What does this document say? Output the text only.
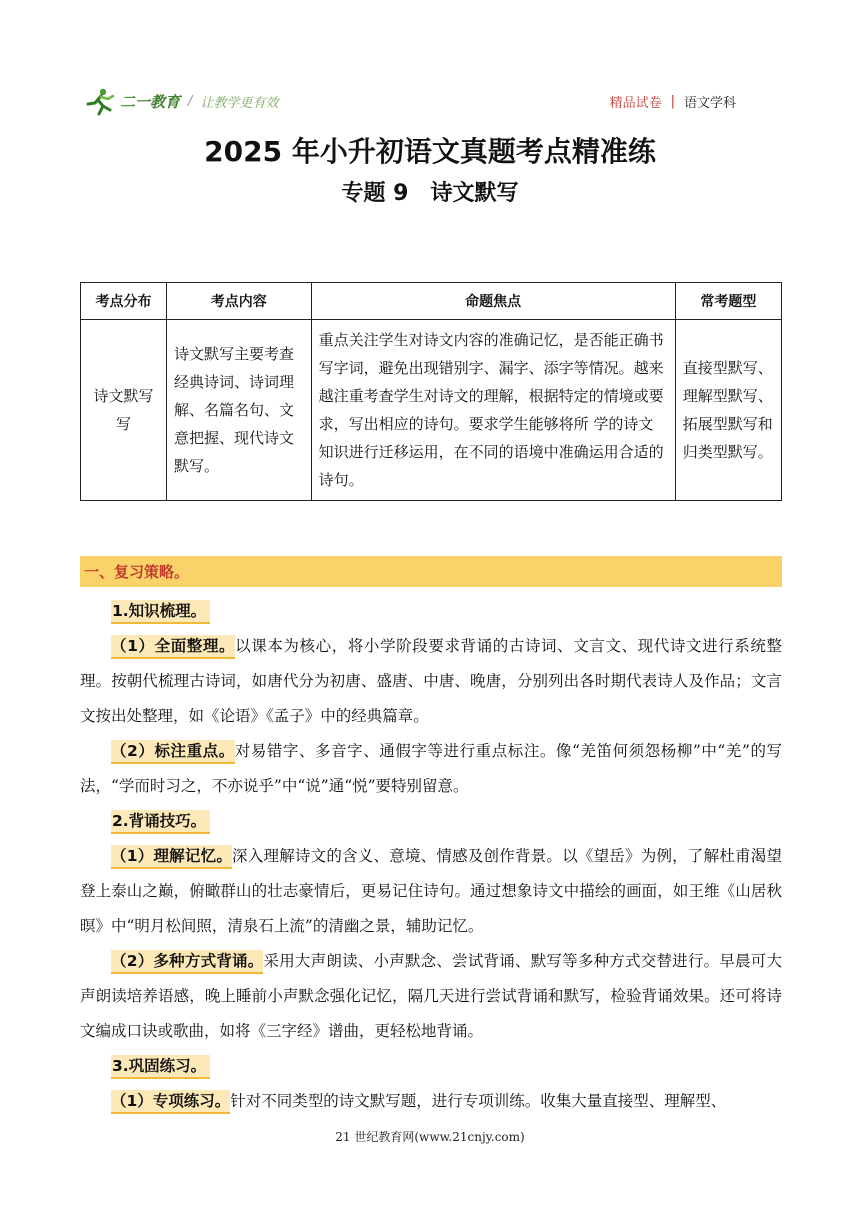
二一教育 / 让教学更有效	精品试卷 | 语文学科
2025 年小升初语文真题考点精准练
专题 9　诗文默写
考点分布	考点内容	命题焦点	常考题型
诗文默写写	诗文默写主要考查经典诗词、诗词理解、名篇名句、文意把握、现代诗文默写。	重点关注学生对诗文内容的准确记忆，是否能正确书写字词，避免出现错别字、漏字、添字等情况。越来越注重考查学生对诗文的理解，根据特定的情境或要求，写出相应的诗句。要求学生能够将所 学的诗文知识进行迁移运用，在不同的语境中准确运用合适的诗句。	直接型默写、理解型默写、拓展型默写和归类型默写。
一、复习策略。

1.知识梳理。

（1）全面整理。以课本为核心，将小学阶段要求背诵的古诗词、文言文、现代诗文进行系统整理。按朝代梳理古诗词，如唐代分为初唐、盛唐、中唐、晚唐，分别列出各时期代表诗人及作品；文言文按出处整理，如《论语》《孟子》中的经典篇章。

（2）标注重点。对易错字、多音字、通假字等进行重点标注。像“羌笛何须怨杨柳”中“羌”的写法，“学而时习之，不亦说乎”中“说”通“悦”要特别留意。

2.背诵技巧。

（1）理解记忆。深入理解诗文的含义、意境、情感及创作背景。以《望岳》为例，了解杜甫渴望登上泰山之巅，俯瞰群山的壮志豪情后，更易记住诗句。通过想象诗文中描绘的画面，如王维《山居秋暝》中“明月松间照，清泉石上流”的清幽之景，辅助记忆。

（2）多种方式背诵。采用大声朗读、小声默念、尝试背诵、默写等多种方式交替进行。早晨可大声朗读培养语感，晚上睡前小声默念强化记忆，隔几天进行尝试背诵和默写，检验背诵效果。还可将诗文编成口诀或歌曲，如将《三字经》谱曲，更轻松地背诵。

3.巩固练习。

（1）专项练习。针对不同类型的诗文默写题，进行专项训练。收集大量直接型、理解型、

21 世纪教育网(www.21cnjy.com)
